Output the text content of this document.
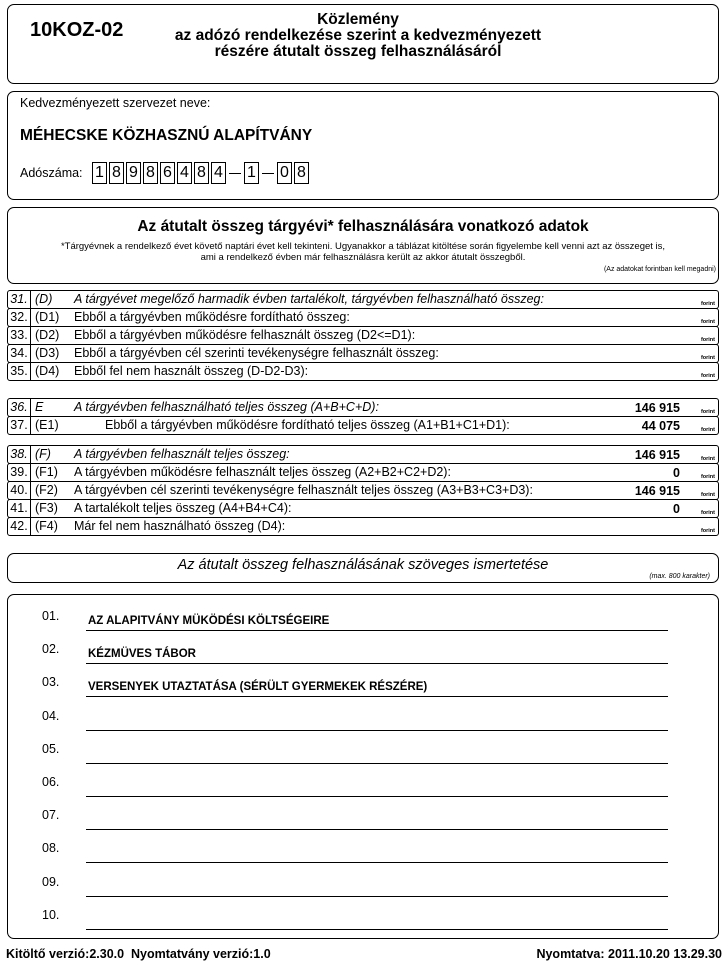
10KOZ-02	Közlemény
az adózó rendelkezése szerint a kedvezményezett
részére átutalt összeg felhasználásáról
Kedvezményezett szervezet neve:
MÉHECSKE KÖZHASZNÚ ALAPÍTVÁNY
Adószáma: 1 8 9 8 6 4 8 4 1 0 8
Az átutalt összeg tárgyévi* felhasználására vonatkozó adatok
*Tárgyévnek a rendelkező évet követő naptári évet kell tekinteni. Ugyanakkor a táblázat kitöltése során figyelembe kell venni azt az összeget is,
ami a rendelkező évben már felhasználásra került az akkor átutalt összegből.
(Az adatokat forintban kell megadni)
31. (D) A tárgyévet megelőző harmadik évben tartalékolt, tárgyévben felhasználható összeg:	forint
32. (D1) Ebből a tárgyévben működésre fordítható összeg:	forint
33. (D2) Ebből a tárgyévben működésre felhasznált összeg (D2<=D1):	forint
34. (D3) Ebből a tárgyévben cél szerinti tevékenységre felhasznált összeg:	forint
35. (D4) Ebből fel nem használt összeg (D-D2-D3):	forint
36. E A tárgyévben felhasználható teljes összeg (A+B+C+D):	146 915	forint
37. (E1)	Ebből a tárgyévben működésre fordítható teljes összeg (A1+B1+C1+D1):	44 075	forint
38. (F) A tárgyévben felhasznált teljes összeg:	146 915	forint
39. (F1) A tárgyévben működésre felhasznált teljes összeg (A2+B2+C2+D2):	0	forint
40. (F2) A tárgyévben cél szerinti tevékenységre felhasznált teljes összeg (A3+B3+C3+D3):	146 915	forint
41. (F3) A tartalékolt teljes összeg (A4+B4+C4):	0	forint
42. (F4) Már fel nem használható összeg (D4):	forint
Az átutalt összeg felhasználásának szöveges ismertetése
(max. 800 karakter)
01. AZ ALAPITVÁNY MÜKÖDÉSI KÖLTSÉGEIRE
02. KÉZMÜVES TÁBOR
03. VERSENYEK UTAZTATÁSA (SÉRÜLT GYERMEKEK RÉSZÉRE)
04.
05.
06.
07.
08.
09.
10.
Kitöltő verzió:2.30.0  Nyomtatvány verzió:1.0	Nyomtatva: 2011.10.20 13.29.30
